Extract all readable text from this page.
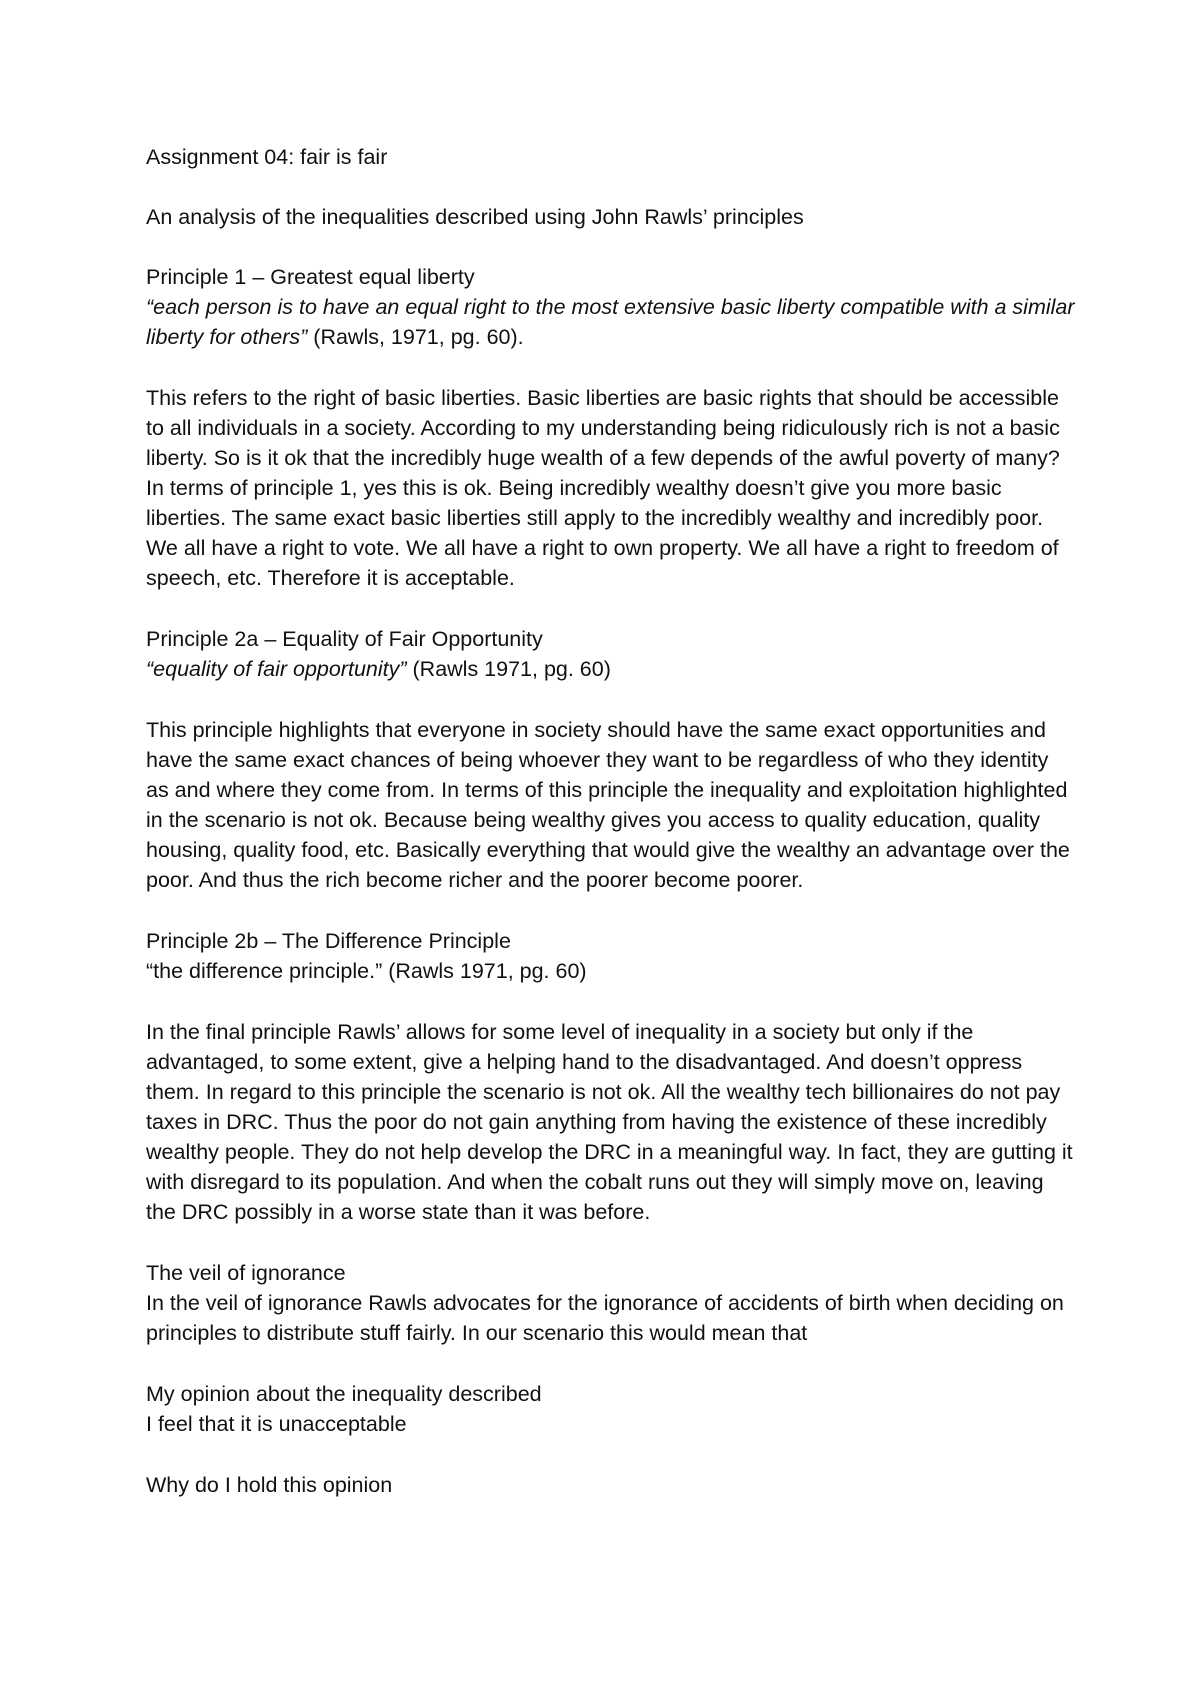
Assignment 04: fair is fair

An analysis of the inequalities described using John Rawls’ principles

Principle 1 – Greatest equal liberty

“each person is to have an equal right to the most extensive basic liberty compatible with a similar liberty for others” (Rawls, 1971, pg. 60).

This refers to the right of basic liberties. Basic liberties are basic rights that should be accessible to all individuals in a society. According to my understanding being ridiculously rich is not a basic liberty. So is it ok that the incredibly huge wealth of a few depends of the awful poverty of many? In terms of principle 1, yes this is ok. Being incredibly wealthy doesn’t give you more basic liberties. The same exact basic liberties still apply to the incredibly wealthy and incredibly poor. We all have a right to vote. We all have a right to own property. We all have a right to freedom of speech, etc. Therefore it is acceptable.

Principle 2a – Equality of Fair Opportunity

“equality of fair opportunity” (Rawls 1971, pg. 60)

This principle highlights that everyone in society should have the same exact opportunities and have the same exact chances of being whoever they want to be regardless of who they identity as and where they come from. In terms of this principle the inequality and exploitation highlighted in the scenario is not ok. Because being wealthy gives you access to quality education, quality housing, quality food, etc. Basically everything that would give the wealthy an advantage over the poor. And thus the rich become richer and the poorer become poorer.

Principle 2b – The Difference Principle

“the difference principle.” (Rawls 1971, pg. 60)

In the final principle Rawls’ allows for some level of inequality in a society but only if the advantaged, to some extent, give a helping hand to the disadvantaged. And doesn’t oppress them. In regard to this principle the scenario is not ok. All the wealthy tech billionaires do not pay taxes in DRC. Thus the poor do not gain anything from having the existence of these incredibly wealthy people. They do not help develop the DRC in a meaningful way. In fact, they are gutting it with disregard to its population. And when the cobalt runs out they will simply move on, leaving the DRC possibly in a worse state than it was before.

The veil of ignorance

In the veil of ignorance Rawls advocates for the ignorance of accidents of birth when deciding on principles to distribute stuff fairly. In our scenario this would mean that

My opinion about the inequality described

I feel that it is unacceptable

Why do I hold this opinion
